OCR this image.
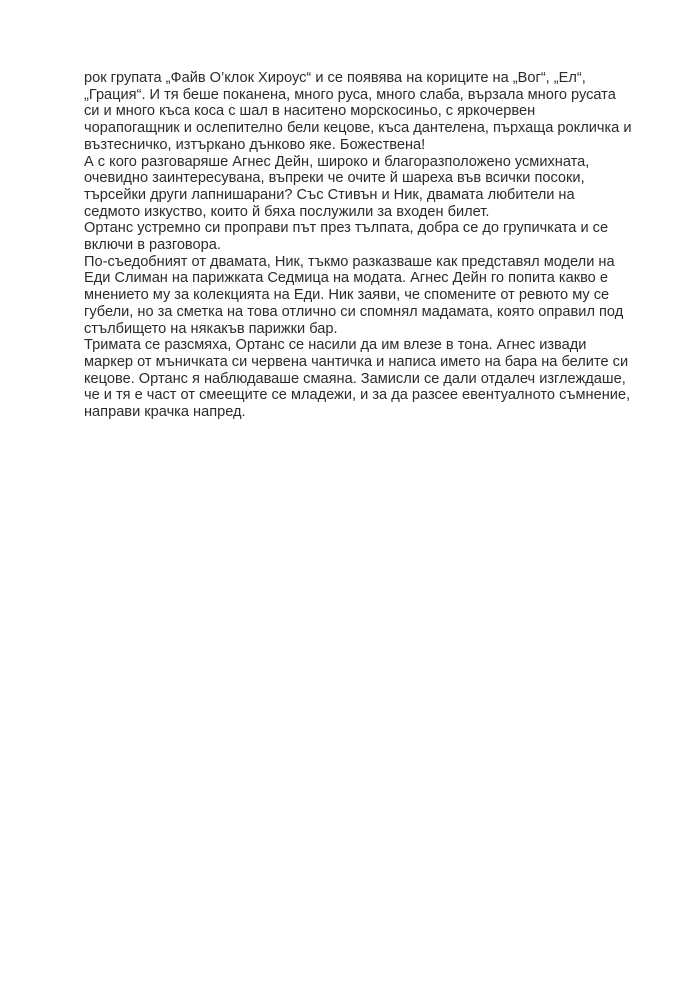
рок групата „Файв О’клок Хироус“ и се появява на кориците на „Вог“, „Ел“,
„Грация“. И тя беше поканена, много руса, много слаба, вързала много русата
си и много къса коса с шал в наситено морскосиньо, с яркочервен
чорапогащник и ослепително бели кецове, къса дантелена, пърхаща рокличка и
възтесничко, изтъркано дънково яке. Божествена!
А с кого разговаряше Агнес Дейн, широко и благоразположено усмихната,
очевидно заинтересувана, въпреки че очите й шареха във всички посоки,
търсейки други лапнишарани? Със Стивън и Ник, двамата любители на
седмото изкуство, които й бяха послужили за входен билет.
Ортанс устремно си проправи път през тълпата, добра се до групичката и се
включи в разговора.
По-съедобният от двамата, Ник, тъкмо разказваше как представял модели на
Еди Слиман на парижката Седмица на модата. Агнес Дейн го попита какво е
мнението му за колекцията на Еди. Ник заяви, че спомените от ревюто му се
губели, но за сметка на това отлично си спомнял мадамата, която оправил под
стълбището на някакъв парижки бар.
Тримата се разсмяха, Ортанс се насили да им влезе в тона. Агнес извади
маркер от мъничката си червена чантичка и написа името на бара на белите си
кецове. Ортанс я наблюдаваше смаяна. Замисли се дали отдалеч изглеждаше,
че и тя е част от смеещите се младежи, и за да разсее евентуалното съмнение,
направи крачка напред.
